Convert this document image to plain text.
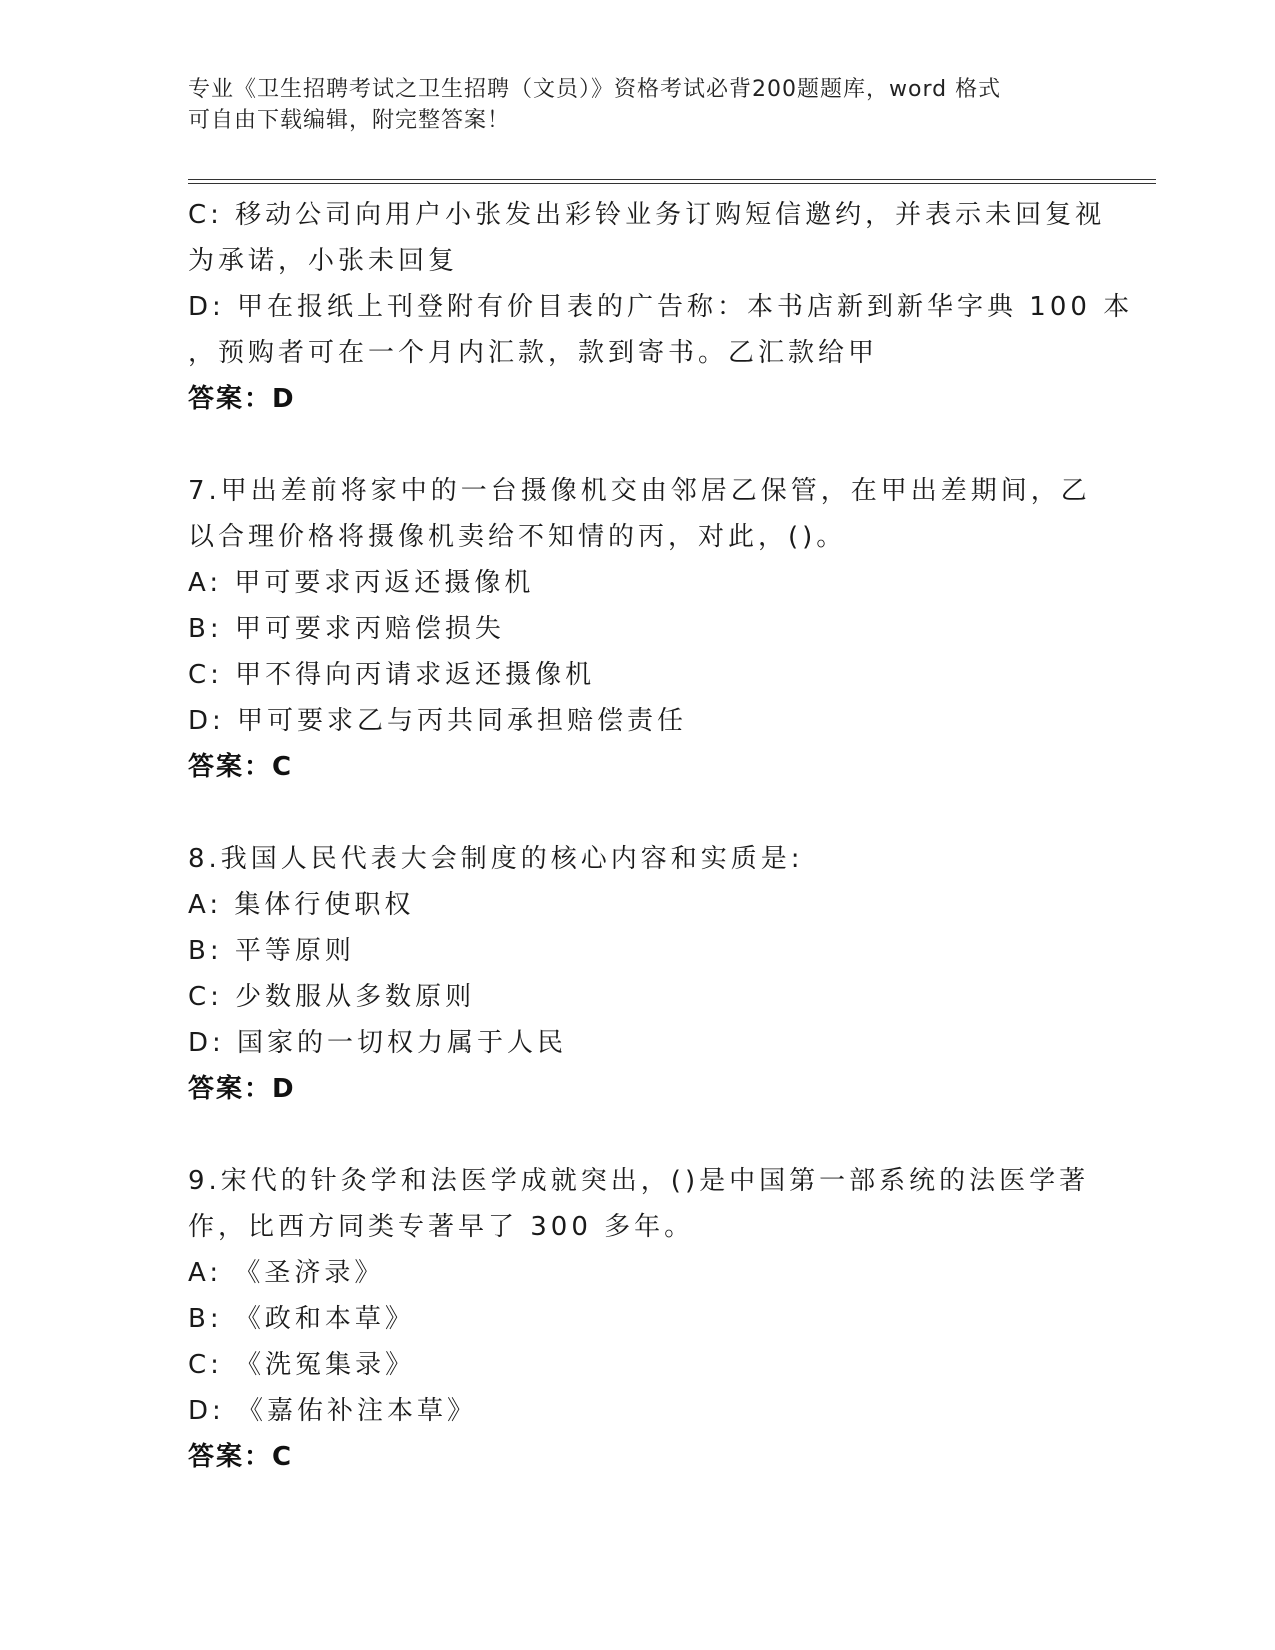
专业《卫生招聘考试之卫生招聘（文员）》资格考试必背200题题库，word 格式
可自由下载编辑，附完整答案！
C: 移动公司向用户小张发出彩铃业务订购短信邀约，并表示未回复视
为承诺，小张未回复
D: 甲在报纸上刊登附有价目表的广告称：本书店新到新华字典 100 本
，预购者可在一个月内汇款，款到寄书。乙汇款给甲
答案：D
7.甲出差前将家中的一台摄像机交由邻居乙保管，在甲出差期间，乙
以合理价格将摄像机卖给不知情的丙，对此，()。
A: 甲可要求丙返还摄像机
B: 甲可要求丙赔偿损失
C: 甲不得向丙请求返还摄像机
D: 甲可要求乙与丙共同承担赔偿责任
答案：C
8.我国人民代表大会制度的核心内容和实质是:
A: 集体行使职权
B: 平等原则
C: 少数服从多数原则
D: 国家的一切权力属于人民
答案：D
9.宋代的针灸学和法医学成就突出，()是中国第一部系统的法医学著
作，比西方同类专著早了 300 多年。
A: 《圣济录》
B: 《政和本草》
C: 《洗冤集录》
D: 《嘉佑补注本草》
答案：C
